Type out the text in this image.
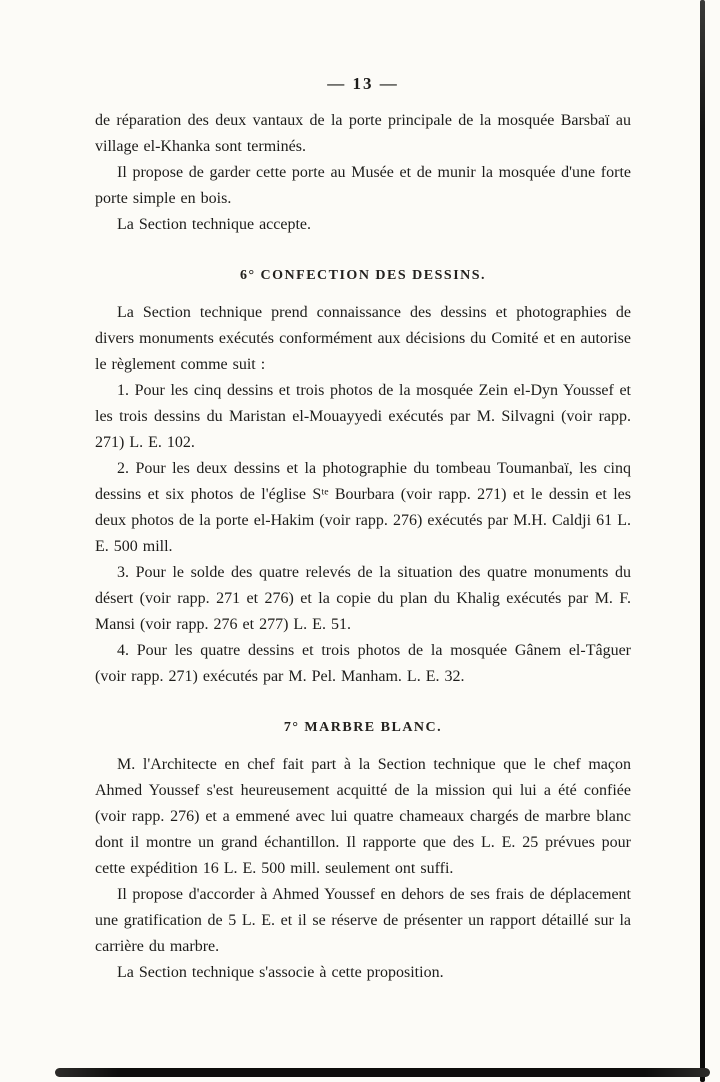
— 13 —

de réparation des deux vantaux de la porte principale de la mosquée Barsbaï au village el-Khanka sont terminés.

Il propose de garder cette porte au Musée et de munir la mosquée d'une forte porte simple en bois.

La Section technique accepte.

6° CONFECTION DES DESSINS.

La Section technique prend connaissance des dessins et photographies de divers monuments exécutés conformément aux décisions du Comité et en autorise le règlement comme suit :

1. Pour les cinq dessins et trois photos de la mosquée Zein el-Dyn Youssef et les trois dessins du Maristan el-Mouayyedi exécutés par M. Silvagni (voir rapp. 271) L. E. 102.

2. Pour les deux dessins et la photographie du tombeau Toumanbaï, les cinq dessins et six photos de l'église Sᵗᵉ Bourbara (voir rapp. 271) et le dessin et les deux photos de la porte el-Hakim (voir rapp. 276) exécutés par M.H. Caldji 61 L. E. 500 mill.

3. Pour le solde des quatre relevés de la situation des quatre monuments du désert (voir rapp. 271 et 276) et la copie du plan du Khalig exécutés par M. F. Mansi (voir rapp. 276 et 277) L. E. 51.

4. Pour les quatre dessins et trois photos de la mosquée Gânem el-Tâguer (voir rapp. 271) exécutés par M. Pel. Manham. L. E. 32.

7° MARBRE BLANC.

M. l'Architecte en chef fait part à la Section technique que le chef maçon Ahmed Youssef s'est heureusement acquitté de la mission qui lui a été confiée (voir rapp. 276) et a emmené avec lui quatre chameaux chargés de marbre blanc dont il montre un grand échantillon. Il rapporte que des L. E. 25 prévues pour cette expédition 16 L. E. 500 mill. seulement ont suffi.

Il propose d'accorder à Ahmed Youssef en dehors de ses frais de déplacement une gratification de 5 L. E. et il se réserve de présenter un rapport détaillé sur la carrière du marbre.

La Section technique s'associe à cette proposition.
